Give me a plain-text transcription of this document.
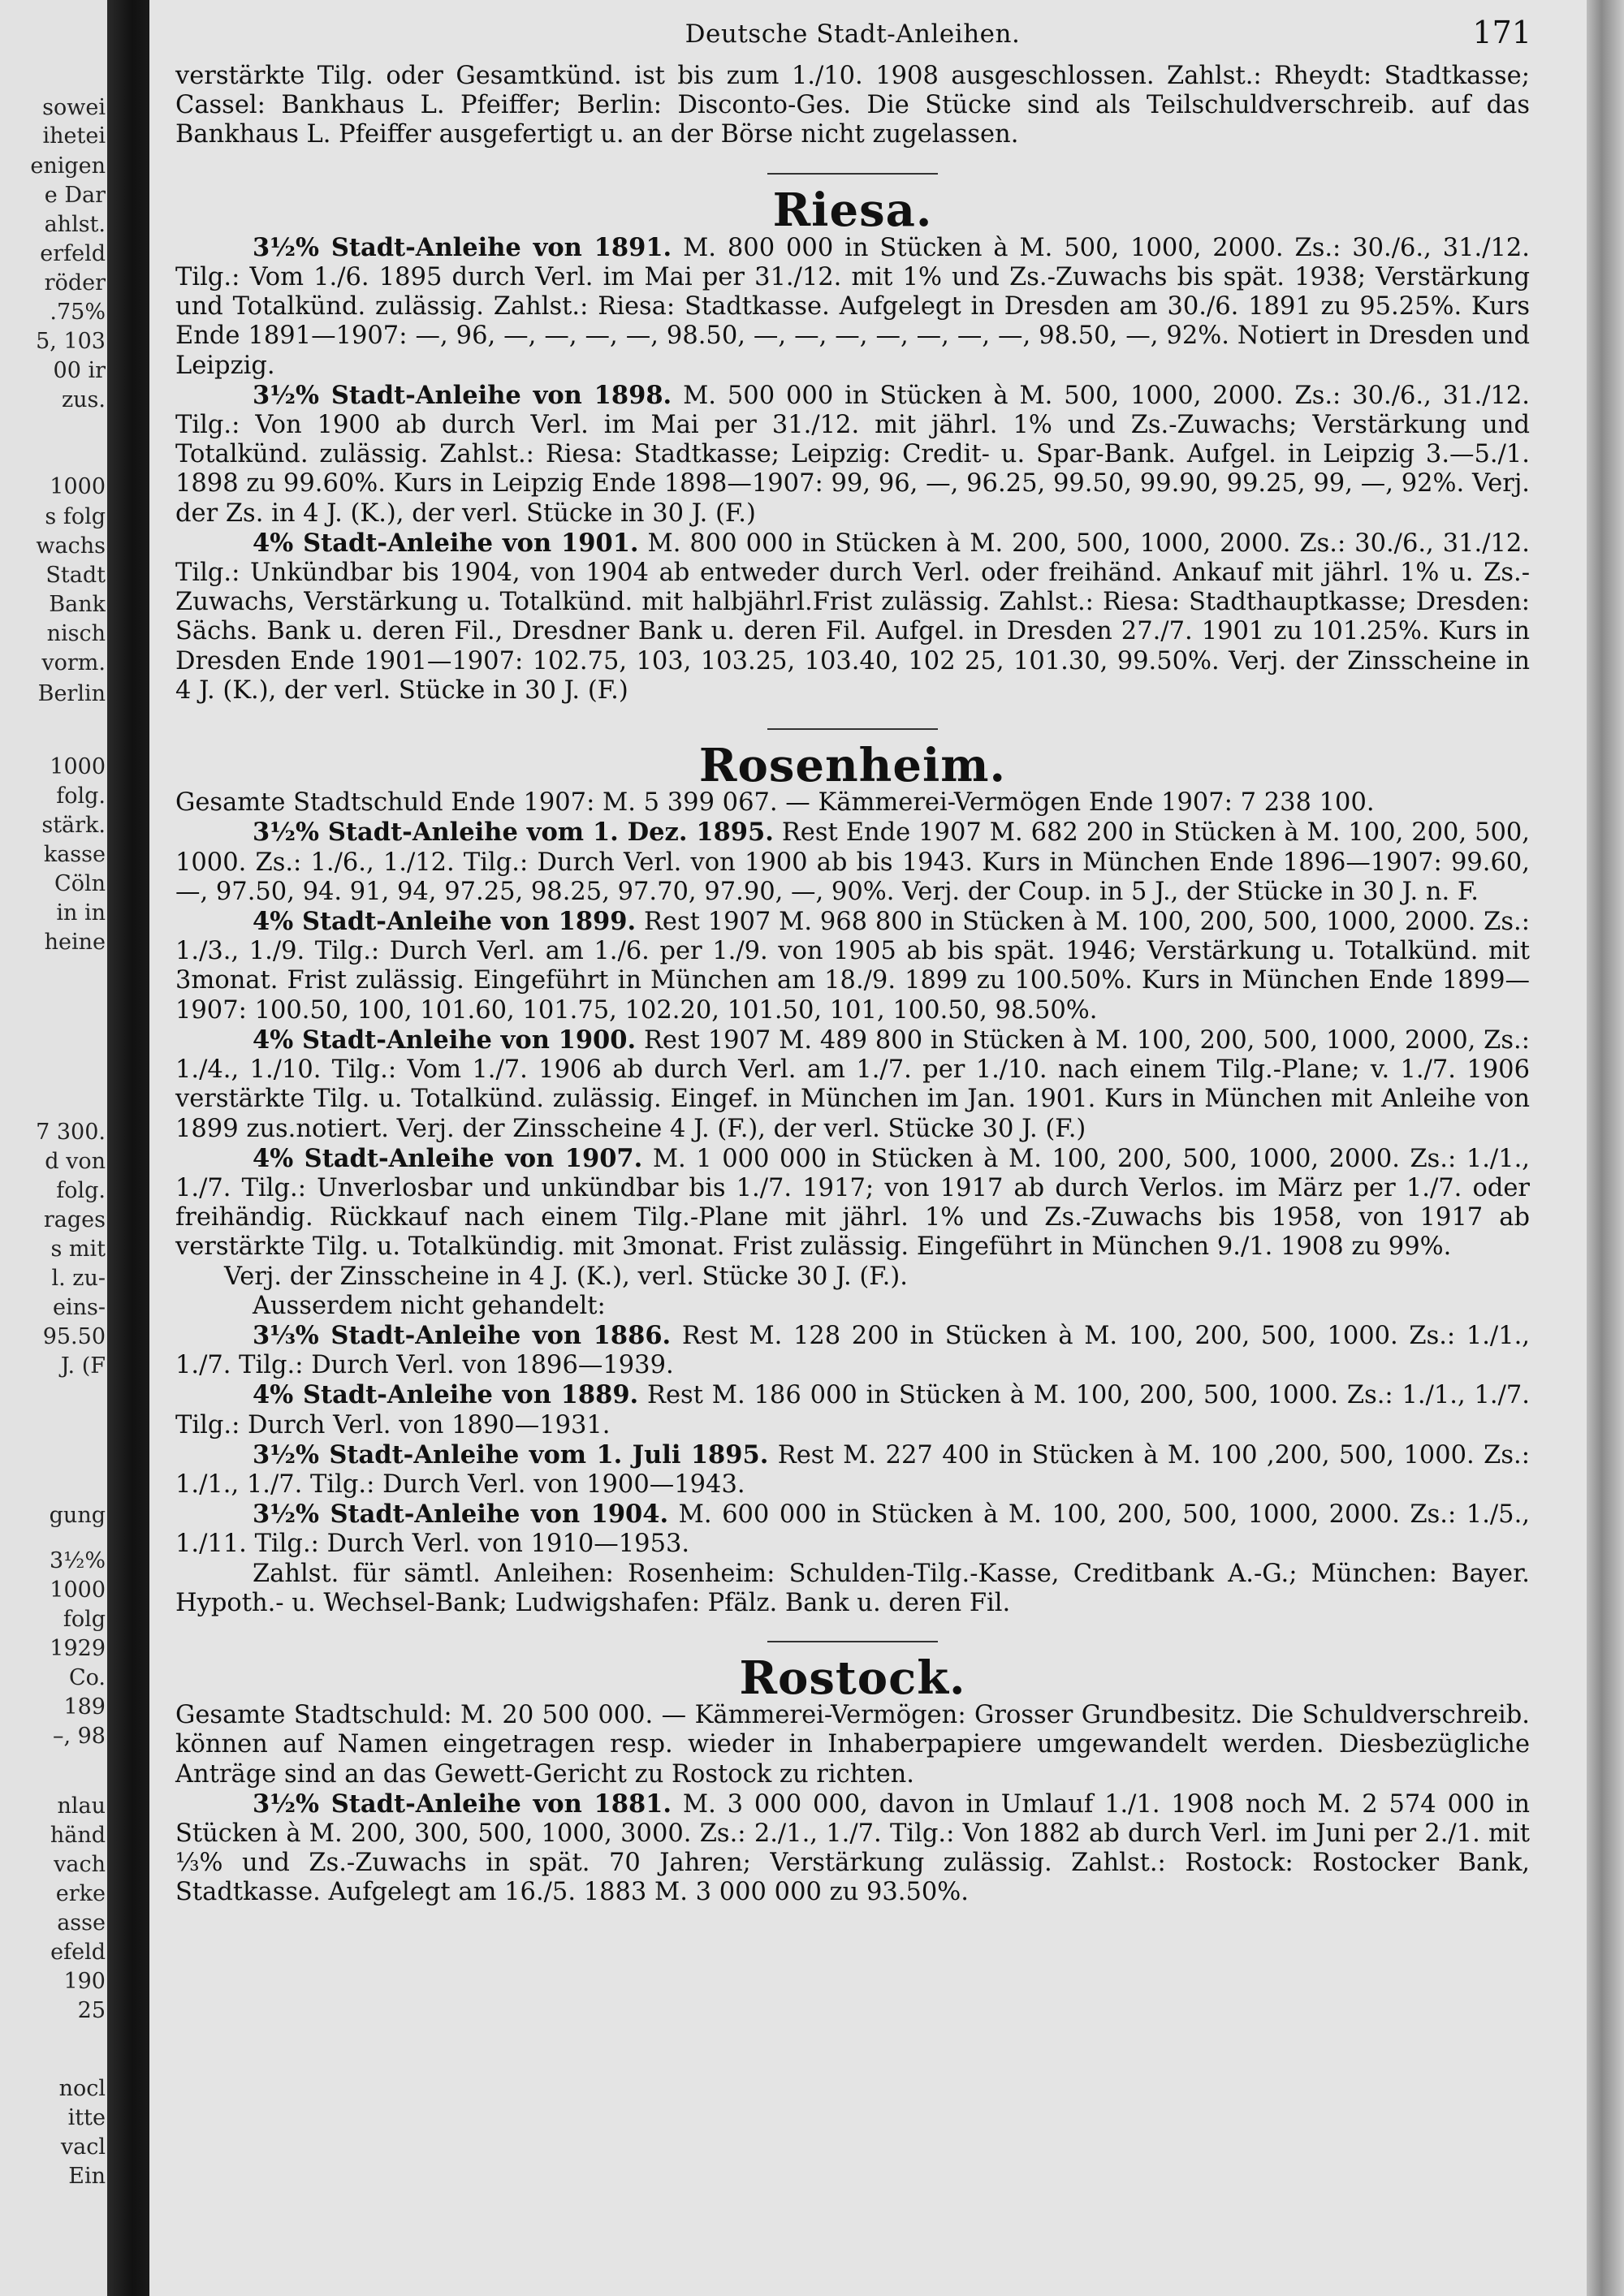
sowei
ihetei
enigen
e Dar
ahlst.
erfeld
röder
.75%
5, 103
00 ir
zus.
1000
s folg
wachs
Stadt
Bank
nisch
vorm.
Berlin
1000
folg.
stärk.
kasse
Cöln
in in
heine
7 300.
d von
folg.
rages
s mit
l. zu-
eins-
95.50
J. (F
gung
3½%
1000
folg
1929
Co.
189
–, 98
nlau
händ
vach
erke
asse
efeld
190
25
nocl
itte
vacl
Ein
Deutsche Stadt-Anleihen.	171

verstärkte Tilg. oder Gesamtkünd. ist bis zum 1./10. 1908 ausgeschlossen. Zahlst.: Rheydt: Stadtkasse; Cassel: Bankhaus L. Pfeiffer; Berlin: Disconto-Ges. Die Stücke sind als Teilschuldverschreib. auf das Bankhaus L. Pfeiffer ausgefertigt u. an der Börse nicht zugelassen.

Riesa.

3½% Stadt-Anleihe von 1891. M. 800 000 in Stücken à M. 500, 1000, 2000. Zs.: 30./6., 31./12. Tilg.: Vom 1./6. 1895 durch Verl. im Mai per 31./12. mit 1% und Zs.-Zuwachs bis spät. 1938; Verstärkung und Totalkünd. zulässig. Zahlst.: Riesa: Stadtkasse. Aufgelegt in Dresden am 30./6. 1891 zu 95.25%. Kurs Ende 1891—1907: —, 96, —, —, —, —, 98.50, —, —, —, —, —, —, —, 98.50, —, 92%. Notiert in Dresden und Leipzig.

3½% Stadt-Anleihe von 1898. M. 500 000 in Stücken à M. 500, 1000, 2000. Zs.: 30./6., 31./12. Tilg.: Von 1900 ab durch Verl. im Mai per 31./12. mit jährl. 1% und Zs.-Zuwachs; Verstärkung und Totalkünd. zulässig. Zahlst.: Riesa: Stadtkasse; Leipzig: Credit- u. Spar-Bank. Aufgel. in Leipzig 3.—5./1. 1898 zu 99.60%. Kurs in Leipzig Ende 1898—1907: 99, 96, —, 96.25, 99.50, 99.90, 99.25, 99, —, 92%. Verj. der Zs. in 4 J. (K.), der verl. Stücke in 30 J. (F.)

4% Stadt-Anleihe von 1901. M. 800 000 in Stücken à M. 200, 500, 1000, 2000. Zs.: 30./6., 31./12. Tilg.: Unkündbar bis 1904, von 1904 ab entweder durch Verl. oder freihänd. Ankauf mit jährl. 1% u. Zs.-Zuwachs, Verstärkung u. Totalkünd. mit halbjährl.Frist zulässig. Zahlst.: Riesa: Stadthauptkasse; Dresden: Sächs. Bank u. deren Fil., Dresdner Bank u. deren Fil. Aufgel. in Dresden 27./7. 1901 zu 101.25%. Kurs in Dresden Ende 1901—1907: 102.75, 103, 103.25, 103.40, 102 25, 101.30, 99.50%. Verj. der Zinsscheine in 4 J. (K.), der verl. Stücke in 30 J. (F.)

Rosenheim.

Gesamte Stadtschuld Ende 1907: M. 5 399 067. — Kämmerei-Vermögen Ende 1907: 7 238 100.

3½% Stadt-Anleihe vom 1. Dez. 1895. Rest Ende 1907 M. 682 200 in Stücken à M. 100, 200, 500, 1000. Zs.: 1./6., 1./12. Tilg.: Durch Verl. von 1900 ab bis 1943. Kurs in München Ende 1896—1907: 99.60, —, 97.50, 94. 91, 94, 97.25, 98.25, 97.70, 97.90, —, 90%. Verj. der Coup. in 5 J., der Stücke in 30 J. n. F.

4% Stadt-Anleihe von 1899. Rest 1907 M. 968 800 in Stücken à M. 100, 200, 500, 1000, 2000. Zs.: 1./3., 1./9. Tilg.: Durch Verl. am 1./6. per 1./9. von 1905 ab bis spät. 1946; Verstärkung u. Totalkünd. mit 3monat. Frist zulässig. Eingeführt in München am 18./9. 1899 zu 100.50%. Kurs in München Ende 1899—1907: 100.50, 100, 101.60, 101.75, 102.20, 101.50, 101, 100.50, 98.50%.

4% Stadt-Anleihe von 1900. Rest 1907 M. 489 800 in Stücken à M. 100, 200, 500, 1000, 2000, Zs.: 1./4., 1./10. Tilg.: Vom 1./7. 1906 ab durch Verl. am 1./7. per 1./10. nach einem Tilg.-Plane; v. 1./7. 1906 verstärkte Tilg. u. Totalkünd. zulässig. Eingef. in München im Jan. 1901. Kurs in München mit Anleihe von 1899 zus.notiert. Verj. der Zinsscheine 4 J. (F.), der verl. Stücke 30 J. (F.)

4% Stadt-Anleihe von 1907. M. 1 000 000 in Stücken à M. 100, 200, 500, 1000, 2000. Zs.: 1./1., 1./7. Tilg.: Unverlosbar und unkündbar bis 1./7. 1917; von 1917 ab durch Verlos. im März per 1./7. oder freihändig. Rückkauf nach einem Tilg.-Plane mit jährl. 1% und Zs.-Zuwachs bis 1958, von 1917 ab verstärkte Tilg. u. Totalkündig. mit 3monat. Frist zulässig. Eingeführt in München 9./1. 1908 zu 99%.

Verj. der Zinsscheine in 4 J. (K.), verl. Stücke 30 J. (F.).

Ausserdem nicht gehandelt:

3⅓% Stadt-Anleihe von 1886. Rest M. 128 200 in Stücken à M. 100, 200, 500, 1000. Zs.: 1./1., 1./7. Tilg.: Durch Verl. von 1896—1939.

4% Stadt-Anleihe von 1889. Rest M. 186 000 in Stücken à M. 100, 200, 500, 1000. Zs.: 1./1., 1./7. Tilg.: Durch Verl. von 1890—1931.

3½% Stadt-Anleihe vom 1. Juli 1895. Rest M. 227 400 in Stücken à M. 100 ,200, 500, 1000. Zs.: 1./1., 1./7. Tilg.: Durch Verl. von 1900—1943.

3½% Stadt-Anleihe von 1904. M. 600 000 in Stücken à M. 100, 200, 500, 1000, 2000. Zs.: 1./5., 1./11. Tilg.: Durch Verl. von 1910—1953.

Zahlst. für sämtl. Anleihen: Rosenheim: Schulden-Tilg.-Kasse, Creditbank A.-G.; München: Bayer. Hypoth.- u. Wechsel-Bank; Ludwigshafen: Pfälz. Bank u. deren Fil.

Rostock.

Gesamte Stadtschuld: M. 20 500 000. — Kämmerei-Vermögen: Grosser Grundbesitz. Die Schuldverschreib. können auf Namen eingetragen resp. wieder in Inhaberpapiere umgewandelt werden. Diesbezügliche Anträge sind an das Gewett-Gericht zu Rostock zu richten.

3½% Stadt-Anleihe von 1881. M. 3 000 000, davon in Umlauf 1./1. 1908 noch M. 2 574 000 in Stücken à M. 200, 300, 500, 1000, 3000. Zs.: 2./1., 1./7. Tilg.: Von 1882 ab durch Verl. im Juni per 2./1. mit ⅓% und Zs.-Zuwachs in spät. 70 Jahren; Verstärkung zulässig. Zahlst.: Rostock: Rostocker Bank, Stadtkasse. Aufgelegt am 16./5. 1883 M. 3 000 000 zu 93.50%.
